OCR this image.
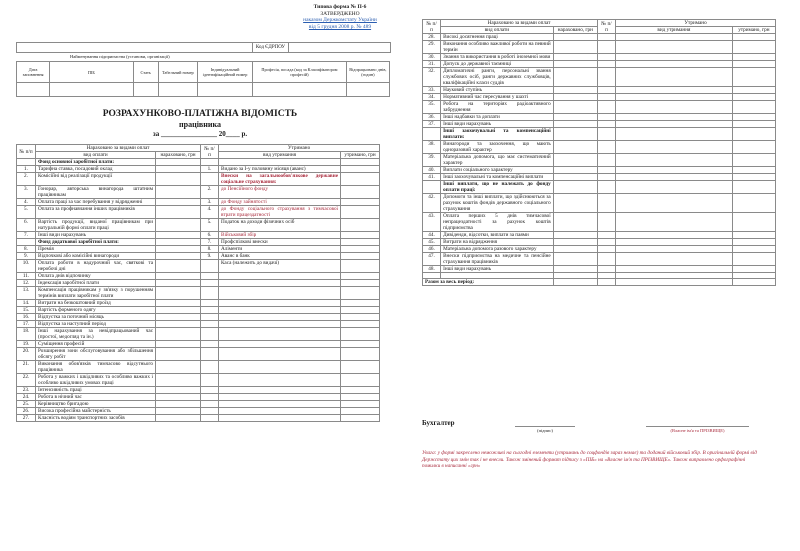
Типова форма № П-6
ЗАТВЕРДЖЕНО
наказом Держкомстату України
від 5 грудня 2008 р. № 489
Код ЄДРПОУ
Найменування підприємства (установи, організації)
Дата заповнення	ПІБ	Стать	Табельний номер	Індивідуальний ідентифікаційний номер	Професія, посада (код за Класифікатором професій)	Відпрацьовано днів, (годин)

РОЗРАХУНКОВО-ПЛАТІЖНА ВІДОМІСТЬ
працівника
за ________________ 20____ р.
№ п/п	Нараховано за видами оплат		№ п/п	Утримано	
	вид оплати	нараховано, грн		вид утримання	утримано, грн
	Фонд основної заробітної плати:				
1.	Тарифна ставка, посадовий оклад		1.	Видано за І-у половину місяця (аванс)	
2.	Комісійні від реалізації продукції			Внески на загальнообов'язкове державне соціальне страхування:	
3.	Гонорар, авторська винагорода штатним працівникам		2.	до Пенсійного фонду	
4.	Оплата праці за час перебування у відрядженні		3.	до Фонду зайнятості	
5.	Оплата за профнавчання інших працівників		4.	до Фонду соціального страхування з тимчасової втрати працездатності	
6.	Вартість продукції, виданої працівникам при натуральній формі оплати праці		5.	Податок на доходи фізичних осіб	
7.	Інші види нарахувань		6.	Військовий збір	
	Фонд додаткової заробітної плати:		7.	Профспілкові внески	
8.	Премія		8.	Аліменти	
9.	Відпочкові або комісійні винагороди		9.	Аванс в банк	
10.	Оплата роботи в надурочний час, святкові та неробочі дні			Каса (належить до видачі)	
11.	Оплата днів відпочинку				
12.	Індексація заробітної плати				
13.	Компенсація працівникам у зв'язку з порушенням термінів виплати заробітної плати				
14.	Витрати на безкоштовний проїзд				
15.	Вартість форменого одягу				
16.	Відпустка за поточний місяць				
17.	Відпустка за наступний період				
18.	Інші нарахування за невідпрацьований час (простої, медогляд та ін.)				
19.	Суміщення професій				
20.	Розширення зони обслуговування або збільшення обсягу робіт				
21.	Виконання обов'язків тимчасово відсутнього працівника				
22.	Робота у важких і шкідливих та особливо важких і особливо шкідливих умовах праці				
23.	Інтенсивність праці				
24.	Робота в нічний час				
25.	Керівництво бригадою				
26.	Висока професійна майстерність				
27.	Класність водіям транспортних засобів				
№ п/п	Нараховано за видами оплат		№ п/п	Утримано	
	вид оплати	нараховано, грн		вид утримання	утримано, грн
28.	Високі досягнення праці				
29.	Виконання особливо важливої роботи на певний термін				
30.	Знання та використання в роботі іноземної мови				
31.	Допуск до державної таємниці				
32.	Дипломатичні ранги, персональні звання службових осіб, ранги державних службовців, кваліфікаційні класи суддів				
33.	Науковий ступінь				
34.	Нормативний час пересування у шахті				
35.	Робота на територіях радіоактивного забруднення				
36.	Інші надбавки та доплати				
37.	Інші види нарахувань				
	Інші заохочувальні та компенсаційні виплати:				
38.	Винагороди та заохочення, що мають одноразовий характер				
39.	Матеріальна допомога, що має систематичний характер				
40.	Виплати соціального характеру				
41.	Інші заохочувальні та компенсаційні виплати				
	Інші виплати, що не належать до фонду оплати праці:				
42.	Допомоги та інші виплати, що здійснюються за рахунок коштів фондів державного соціального страхування				
43.	Оплата перших 5 днів тимчасової непрацездатності за рахунок коштів підприємства				
44.	Дивіденди, відсотки, виплати за паями				
45.	Витрати на відрядження				
46.	Матеріальна допомога разового характеру				
47.	Внески підприємства на медичне та пенсійне страхування працівників				
48.	Інші види нарахувань				

Разом за весь період:					
Бухгалтер
(підпис)	(Власне ім'я та ПРІЗВИЩЕ)
Увага: у формі закреслено неможливі на сьогодні елементи (утримань до соцфондів зараз немає) та доданий військовий збір. В оригінальній формі від Держстату цих змін так і не внесли. Також змінений формат підпису з «ПІБ» на «Власне ім'я та ПРІЗВИЩЕ». Також виправлено орфографічні помилки в написанні «грн»
